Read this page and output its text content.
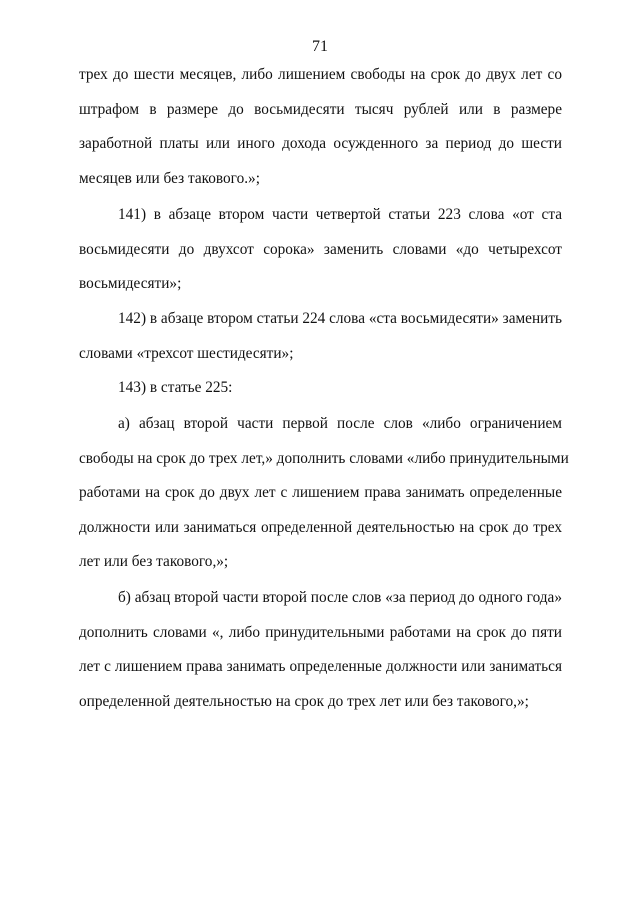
71
трех до шести месяцев, либо лишением свободы на срок до двух лет со
штрафом в размере до восьмидесяти тысяч рублей или в размере
заработной платы или иного дохода осужденного за период до шести
месяцев или без такового.»;
141) в абзаце втором части четвертой статьи 223 слова «от ста
восьмидесяти до двухсот сорока» заменить словами «до четырехсот
восьмидесяти»;
142) в абзаце втором статьи 224 слова «ста восьмидесяти» заменить
словами «трехсот шестидесяти»;
143) в статье 225:
а) абзац второй части первой после слов «либо ограничением
свободы на срок до трех лет,» дополнить словами «либо принудительными
работами на срок до двух лет с лишением права занимать определенные
должности или заниматься определенной деятельностью на срок до трех
лет или без такового,»;
б) абзац второй части второй после слов «за период до одного года»
дополнить словами «, либо принудительными работами на срок до пяти
лет с лишением права занимать определенные должности или заниматься
определенной деятельностью на срок до трех лет или без такового,»;
